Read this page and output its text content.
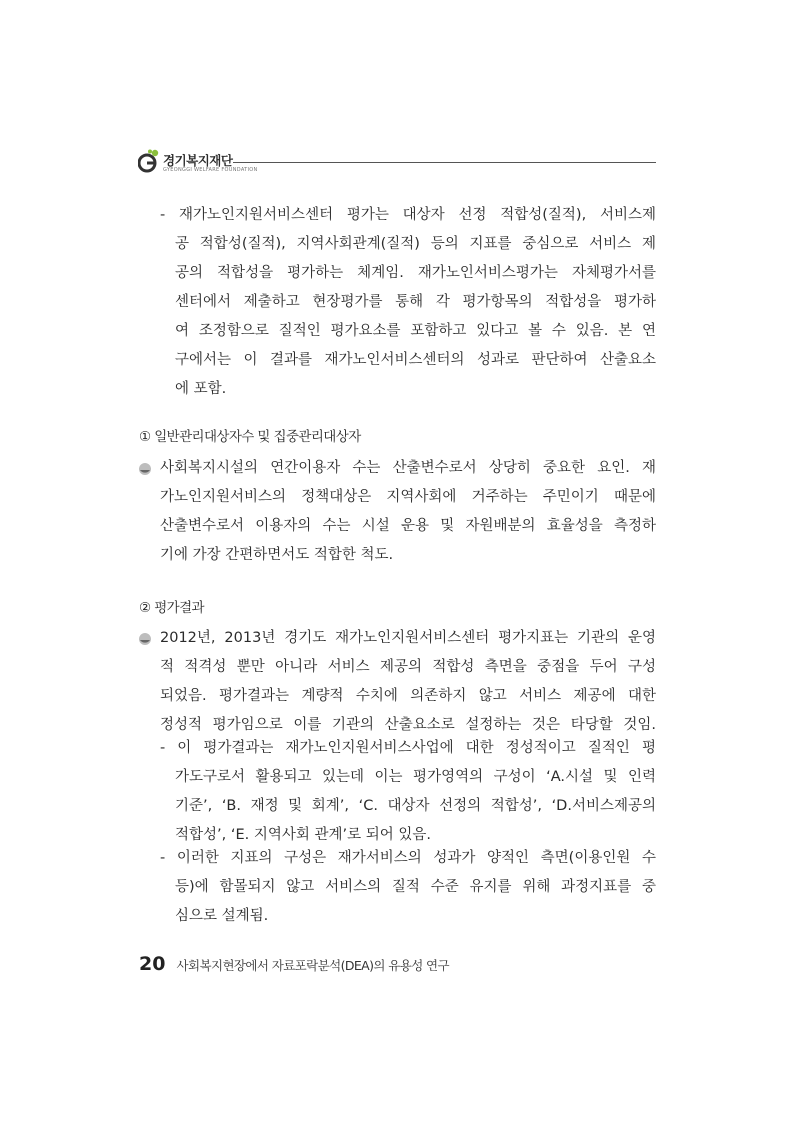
경기복지재단
GYEONGGI WELFARE FOUNDATION
- 재가노인지원서비스센터 평가는 대상자 선정 적합성(질적), 서비스제
공 적합성(질적), 지역사회관계(질적) 등의 지표를 중심으로 서비스 제
공의 적합성을 평가하는 체계임. 재가노인서비스평가는 자체평가서를
센터에서 제출하고 현장평가를 통해 각 평가항목의 적합성을 평가하
여 조정함으로 질적인 평가요소를 포함하고 있다고 볼 수 있음. 본 연
구에서는 이 결과를 재가노인서비스센터의 성과로 판단하여 산출요소
에 포함.
① 일반관리대상자수 및 집중관리대상자
사회복지시설의 연간이용자 수는 산출변수로서 상당히 중요한 요인. 재
가노인지원서비스의 정책대상은 지역사회에 거주하는 주민이기 때문에
산출변수로서 이용자의 수는 시설 운용 및 자원배분의 효율성을 측정하
기에 가장 간편하면서도 적합한 척도.
② 평가결과
2012년, 2013년 경기도 재가노인지원서비스센터 평가지표는 기관의 운영
적 적격성 뿐만 아니라 서비스 제공의 적합성 측면을 중점을 두어 구성
되었음. 평가결과는 계량적 수치에 의존하지 않고 서비스 제공에 대한
정성적 평가임으로 이를 기관의 산출요소로 설정하는 것은 타당할 것임.
- 이 평가결과는 재가노인지원서비스사업에 대한 정성적이고 질적인 평
가도구로서 활용되고 있는데 이는 평가영역의 구성이 ‘A.시설 및 인력
기준’, ‘B. 재정 및 회계’, ‘C. 대상자 선정의 적합성’, ‘D.서비스제공의
적합성’, ‘E. 지역사회 관계’로 되어 있음.
- 이러한 지표의 구성은 재가서비스의 성과가 양적인 측면(이용인원 수
등)에 함몰되지 않고 서비스의 질적 수준 유지를 위해 과정지표를 중
심으로 설계됨.
20 사회복지현장에서 자료포락분석(DEA)의 유용성 연구
